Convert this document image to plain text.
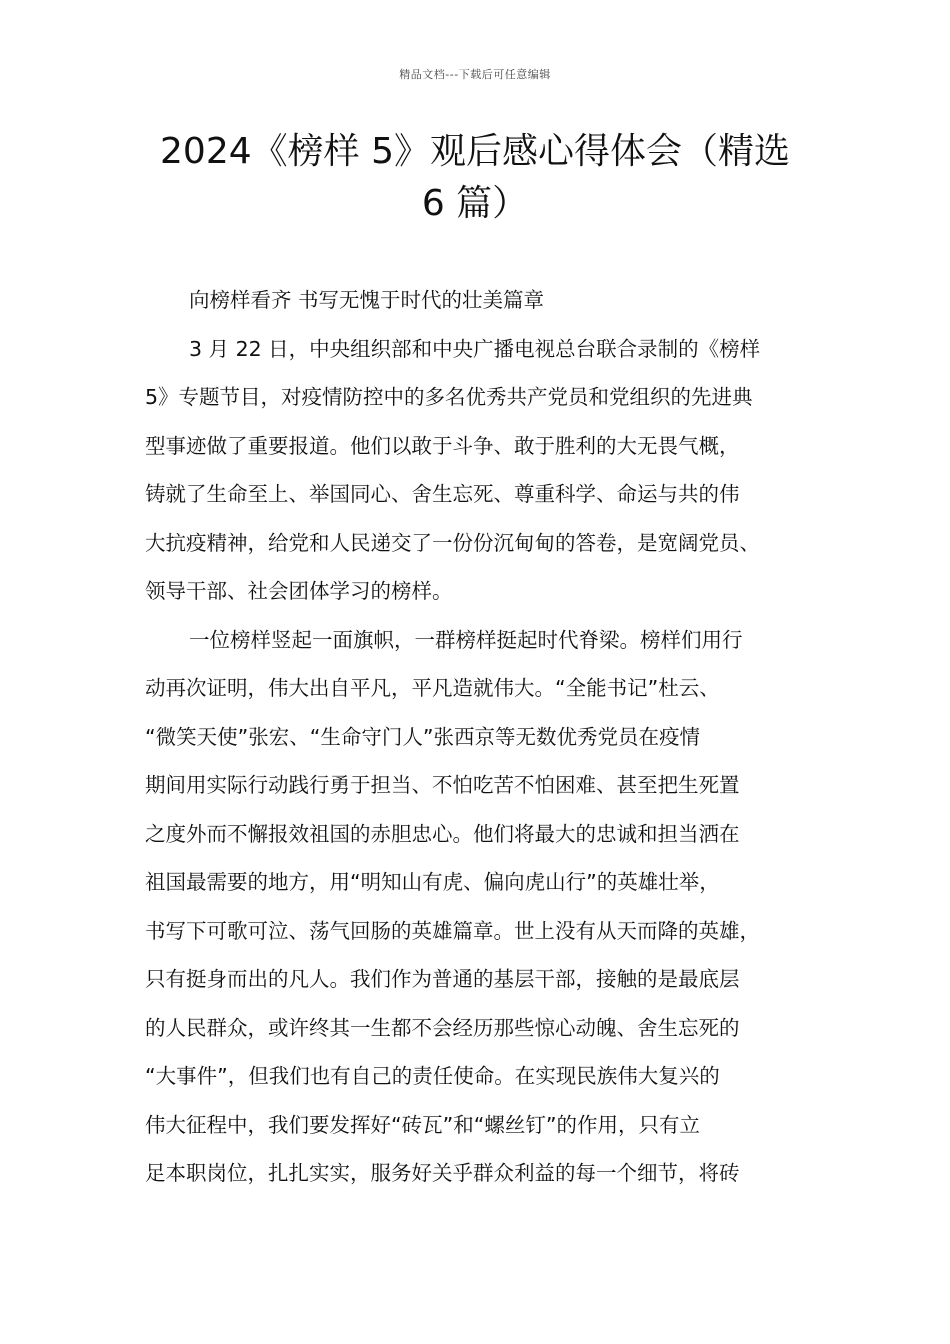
精品文档---下载后可任意编辑
2024《榜样 5》观后感心得体会（精选
6 篇）
向榜样看齐 书写无愧于时代的壮美篇章
3 月 22 日，中央组织部和中央广播电视总台联合录制的《榜样
5》专题节目，对疫情防控中的多名优秀共产党员和党组织的先进典
型事迹做了重要报道。他们以敢于斗争、敢于胜利的大无畏气概，
铸就了生命至上、举国同心、舍生忘死、尊重科学、命运与共的伟
大抗疫精神，给党和人民递交了一份份沉甸甸的答卷，是宽阔党员、
领导干部、社会团体学习的榜样。
一位榜样竖起一面旗帜，一群榜样挺起时代脊梁。榜样们用行
动再次证明，伟大出自平凡，平凡造就伟大。“全能书记”杜云、
“微笑天使”张宏、“生命守门人”张西京等无数优秀党员在疫情
期间用实际行动践行勇于担当、不怕吃苦不怕困难、甚至把生死置
之度外而不懈报效祖国的赤胆忠心。他们将最大的忠诚和担当洒在
祖国最需要的地方，用“明知山有虎、偏向虎山行”的英雄壮举，
书写下可歌可泣、荡气回肠的英雄篇章。世上没有从天而降的英雄，
只有挺身而出的凡人。我们作为普通的基层干部，接触的是最底层
的人民群众，或许终其一生都不会经历那些惊心动魄、舍生忘死的
“大事件”，但我们也有自己的责任使命。在实现民族伟大复兴的
伟大征程中，我们要发挥好“砖瓦”和“螺丝钉”的作用，只有立
足本职岗位，扎扎实实，服务好关乎群众利益的每一个细节，将砖
